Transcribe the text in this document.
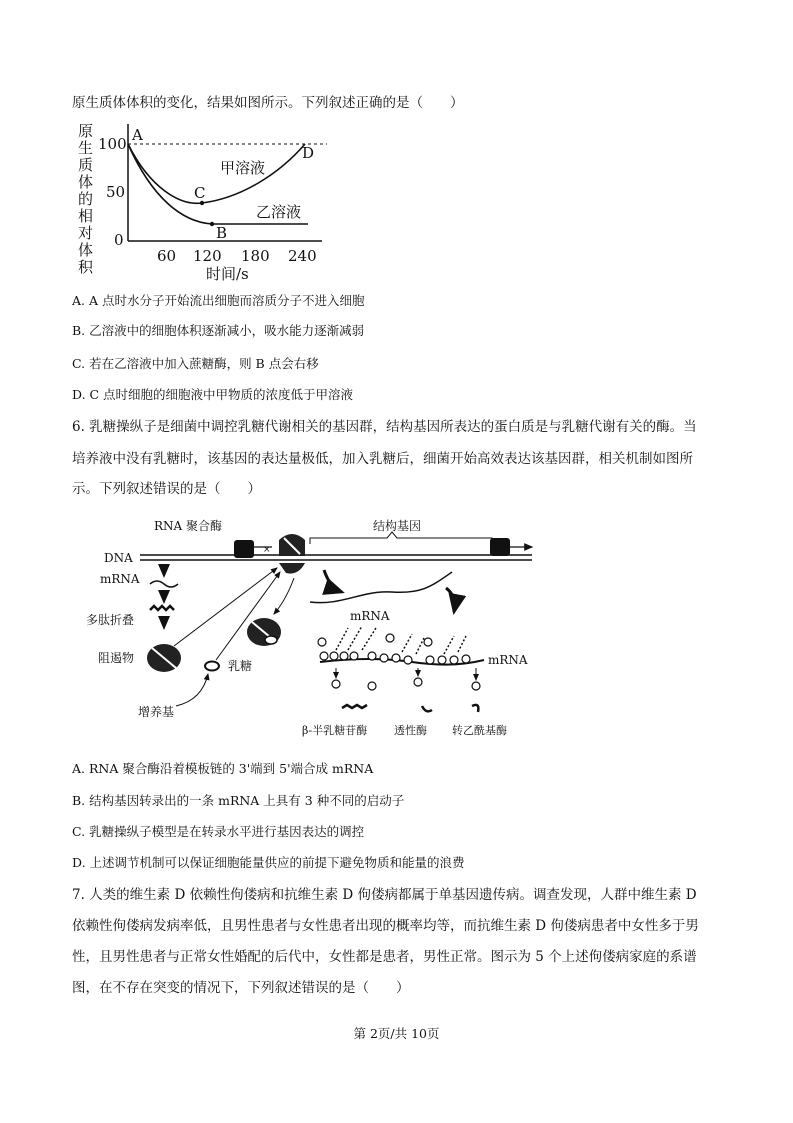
原生质体体积的变化，结果如图所示。下列叙述正确的是（　　）
原
生
质
体
的
相
对
体
积
100
50
0
60 120 180 240
时间/s
A
B
C
D
甲溶液
乙溶液
A. A 点时水分子开始流出细胞而溶质分子不进入细胞
B. 乙溶液中的细胞体积逐渐减小，吸水能力逐渐减弱
C. 若在乙溶液中加入蔗糖酶，则 B 点会右移
D. C 点时细胞的细胞液中甲物质的浓度低于甲溶液
6. 乳糖操纵子是细菌中调控乳糖代谢相关的基因群，结构基因所表达的蛋白质是与乳糖代谢有关的酶。当
培养液中没有乳糖时，该基因的表达量极低，加入乳糖后，细菌开始高效表达该基因群，相关机制如图所
示。下列叙述错误的是（　　）
RNA 聚合酶	结构基因
DNA
×
mRNA
多肽折叠
阻遏物
乳糖
增养基
mRNA
mRNA
β-半乳糖苷酶 透性酶 转乙酰基酶
A. RNA 聚合酶沿着模板链的 3'端到 5'端合成 mRNA
B. 结构基因转录出的一条 mRNA 上具有 3 种不同的启动子
C. 乳糖操纵子模型是在转录水平进行基因表达的调控
D. 上述调节机制可以保证细胞能量供应的前提下避免物质和能量的浪费
7. 人类的维生素 D 依赖性佝偻病和抗维生素 D 佝偻病都属于单基因遗传病。调查发现，人群中维生素 D
依赖性佝偻病发病率低，且男性患者与女性患者出现的概率均等，而抗维生素 D 佝偻病患者中女性多于男
性，且男性患者与正常女性婚配的后代中，女性都是患者，男性正常。图示为 5 个上述佝偻病家庭的系谱
图，在不存在突变的情况下，下列叙述错误的是（　　）
第 2页/共 10页
